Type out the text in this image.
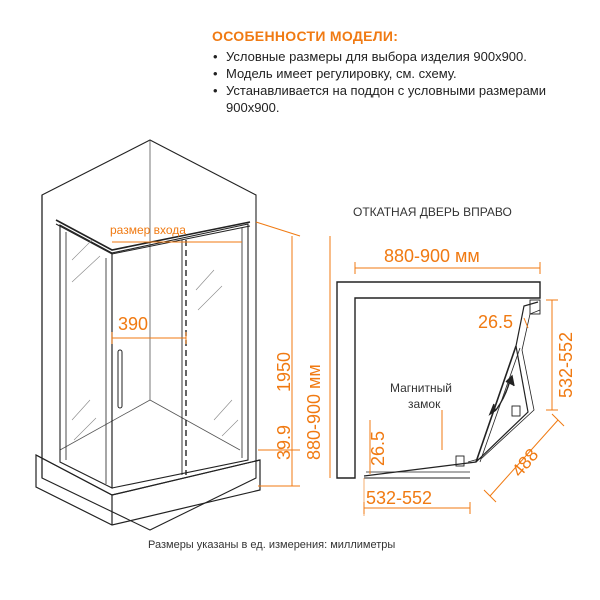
ОСОБЕННОСТИ МОДЕЛИ:
• Условные размеры для выбора изделия 900x900.
• Модель имеет регулировку, см. схему.
• Устанавливается на поддон с условными размерами 900x900.
размер входа
390
1950
39.9 880-900 мм
ОТКАТНАЯ ДВЕРЬ ВПРАВО
880-900 мм
Магнитный
замок
532-552
26.5
488
532-552
26.5
Размеры указаны в ед. измерения: миллиметры
